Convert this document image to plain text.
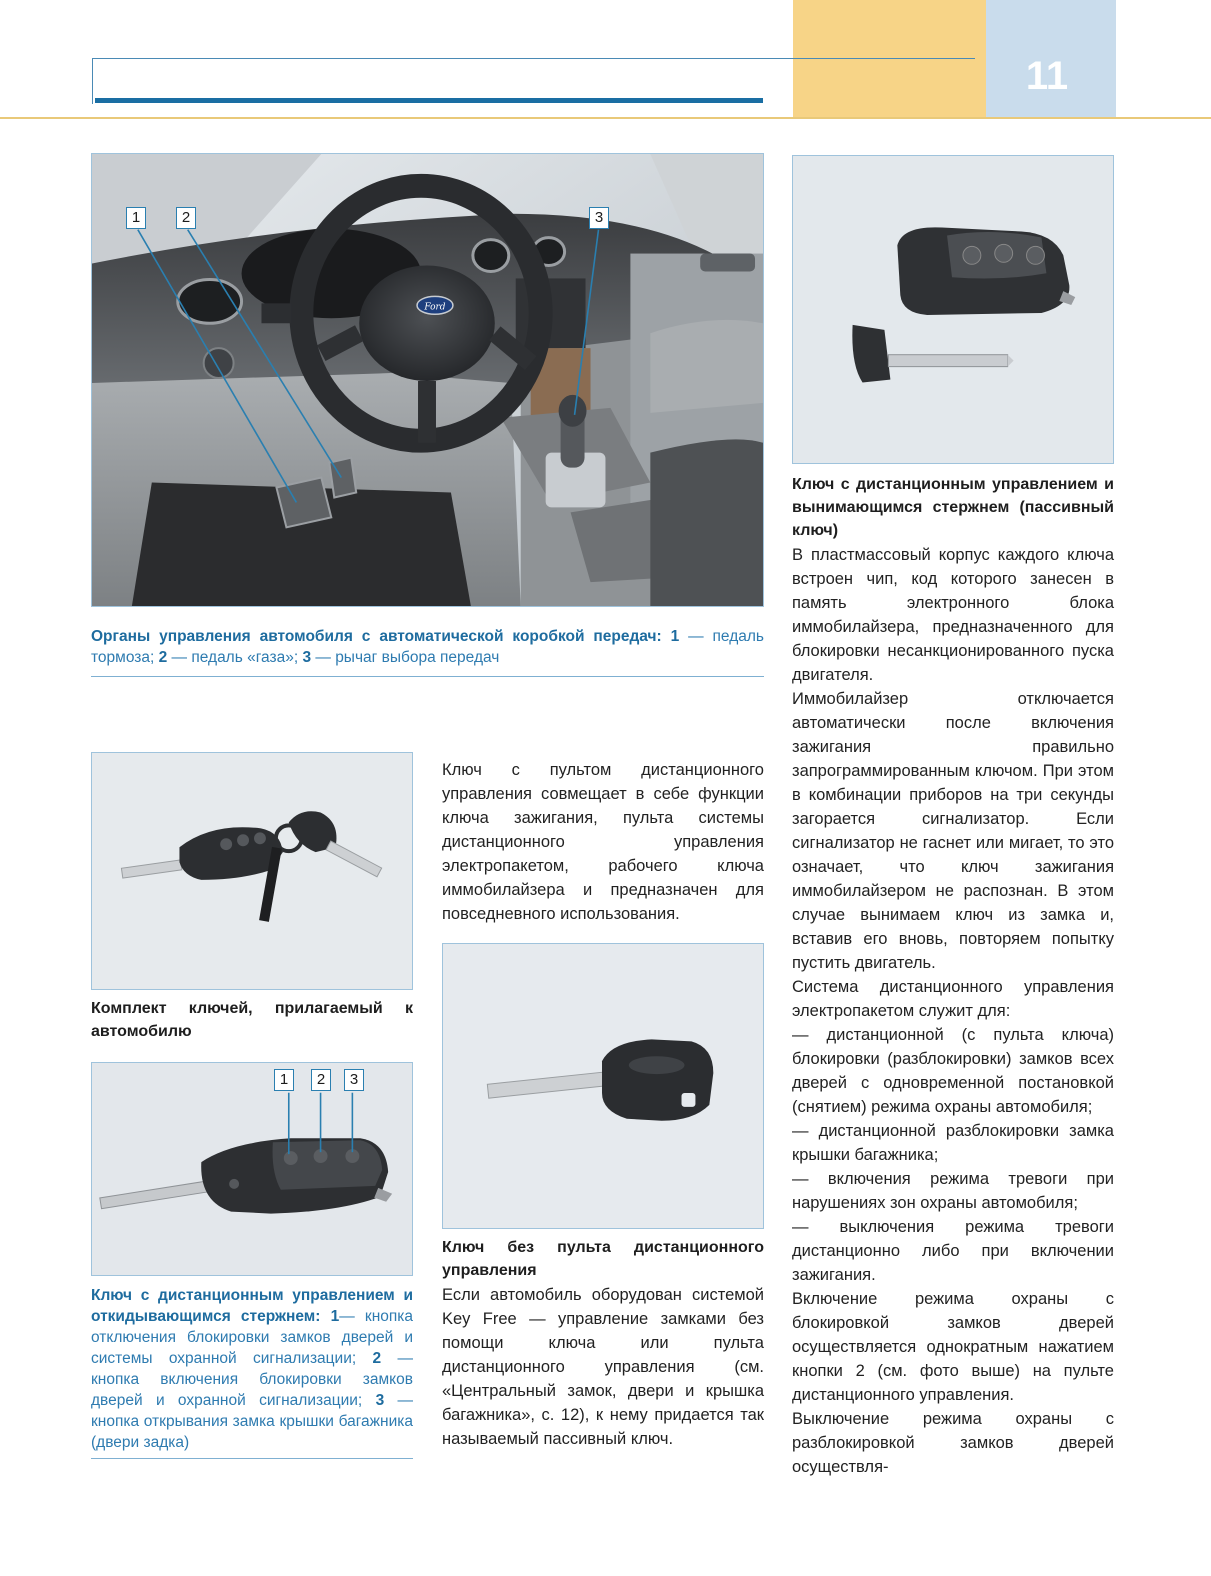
11
Ford
1	2	3
Органы управления автомобиля с автоматической коробкой передач: 1 — педаль тормоза; 2 — педаль «газа»; 3 — рычаг выбора передач
Ключ с дистанционным управлением и вынимающимся стержнем (пассивный ключ)
Комплект ключей, прилагаемый к автомобилю
1	2	3
Ключ с дистанционным управлением и откидывающимся стержнем: 1— кнопка отключения блокировки замков дверей и системы охранной сигнализации; 2 — кнопка включения блокировки замков дверей и охранной сигнализации; 3 — кнопка открывания замка крышки багажника (двери задка)
Ключ с пультом дистанционного управления совмещает в себе функции ключа зажигания, пульта системы дистанционного управления электропакетом, рабочего ключа иммобилайзера и предназначен для повседневного использования.
Ключ без пульта дистанционного управления
Если автомобиль оборудован системой Key Free — управление замками без помощи ключа или пульта дистанционного управления (см. «Центральный замок, двери и крышка багажника», с. 12), к нему придается так называемый пассивный ключ.

В пластмассовый корпус каждого ключа встроен чип, код которого занесен в память электронного блока иммобилайзера, предназначенного для блокировки несанкционированного пуска двигателя.

Иммобилайзер отключается автоматически после включения зажигания правильно запрограммированным ключом. При этом в комбинации приборов на три секунды загорается сигнализатор. Если сигнализатор не гаснет или мигает, то это означает, что ключ зажигания иммобилайзером не распознан. В этом случае вынимаем ключ из замка и, вставив его вновь, повторяем попытку пустить двигатель.

Система дистанционного управления электропакетом служит для:

— дистанционной (с пульта ключа) блокировки (разблокировки) замков всех дверей с одновременной постановкой (снятием) режима охраны автомобиля;

— дистанционной разблокировки замка крышки багажника;

— включения режима тревоги при нарушениях зон охраны автомобиля;

— выключения режима тревоги дистанционно либо при включении зажигания.

Включение режима охраны с блокировкой замков дверей осуществляется однократным нажатием кнопки 2 (см. фото выше) на пульте дистанционного управления.

Выключение режима охраны с разблокировкой замков дверей осуществля-
